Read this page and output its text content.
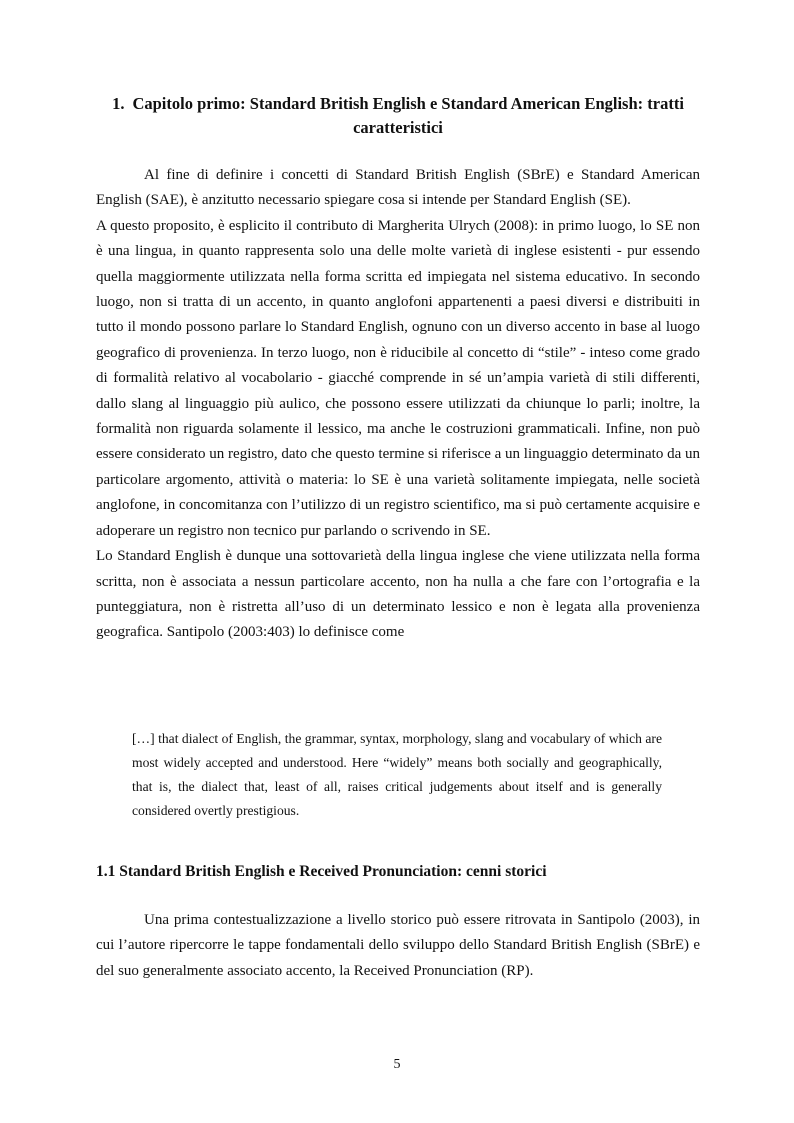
1. Capitolo primo: Standard British English e Standard American English: tratti caratteristici

Al fine di definire i concetti di Standard British English (SBrE) e Standard American English (SAE), è anzitutto necessario spiegare cosa si intende per Standard English (SE).

A questo proposito, è esplicito il contributo di Margherita Ulrych (2008): in primo luogo, lo SE non è una lingua, in quanto rappresenta solo una delle molte varietà di inglese esistenti - pur essendo quella maggiormente utilizzata nella forma scritta ed impiegata nel sistema educativo. In secondo luogo, non si tratta di un accento, in quanto anglofoni appartenenti a paesi diversi e distribuiti in tutto il mondo possono parlare lo Standard English, ognuno con un diverso accento in base al luogo geografico di provenienza. In terzo luogo, non è riducibile al concetto di “stile” - inteso come grado di formalità relativo al vocabolario - giacché comprende in sé un’ampia varietà di stili differenti, dallo slang al linguaggio più aulico, che possono essere utilizzati da chiunque lo parli; inoltre, la formalità non riguarda solamente il lessico, ma anche le costruzioni grammaticali. Infine, non può essere considerato un registro, dato che questo termine si riferisce a un linguaggio determinato da un particolare argomento, attività o materia: lo SE è una varietà solitamente impiegata, nelle società anglofone, in concomitanza con l’utilizzo di un registro scientifico, ma si può certamente acquisire e adoperare un registro non tecnico pur parlando o scrivendo in SE.

Lo Standard English è dunque una sottovarietà della lingua inglese che viene utilizzata nella forma scritta, non è associata a nessun particolare accento, non ha nulla a che fare con l’ortografia e la punteggiatura, non è ristretta all’uso di un determinato lessico e non è legata alla provenienza geografica. Santipolo (2003:403) lo definisce come

[…] that dialect of English, the grammar, syntax, morphology, slang and vocabulary of which are most widely accepted and understood. Here “widely” means both socially and geographically, that is, the dialect that, least of all, raises critical judgements about itself and is generally considered overtly prestigious.
1.1 Standard British English e Received Pronunciation: cenni storici

Una prima contestualizzazione a livello storico può essere ritrovata in Santipolo (2003), in cui l’autore ripercorre le tappe fondamentali dello sviluppo dello Standard British English (SBrE) e del suo generalmente associato accento, la Received Pronunciation (RP).

5
